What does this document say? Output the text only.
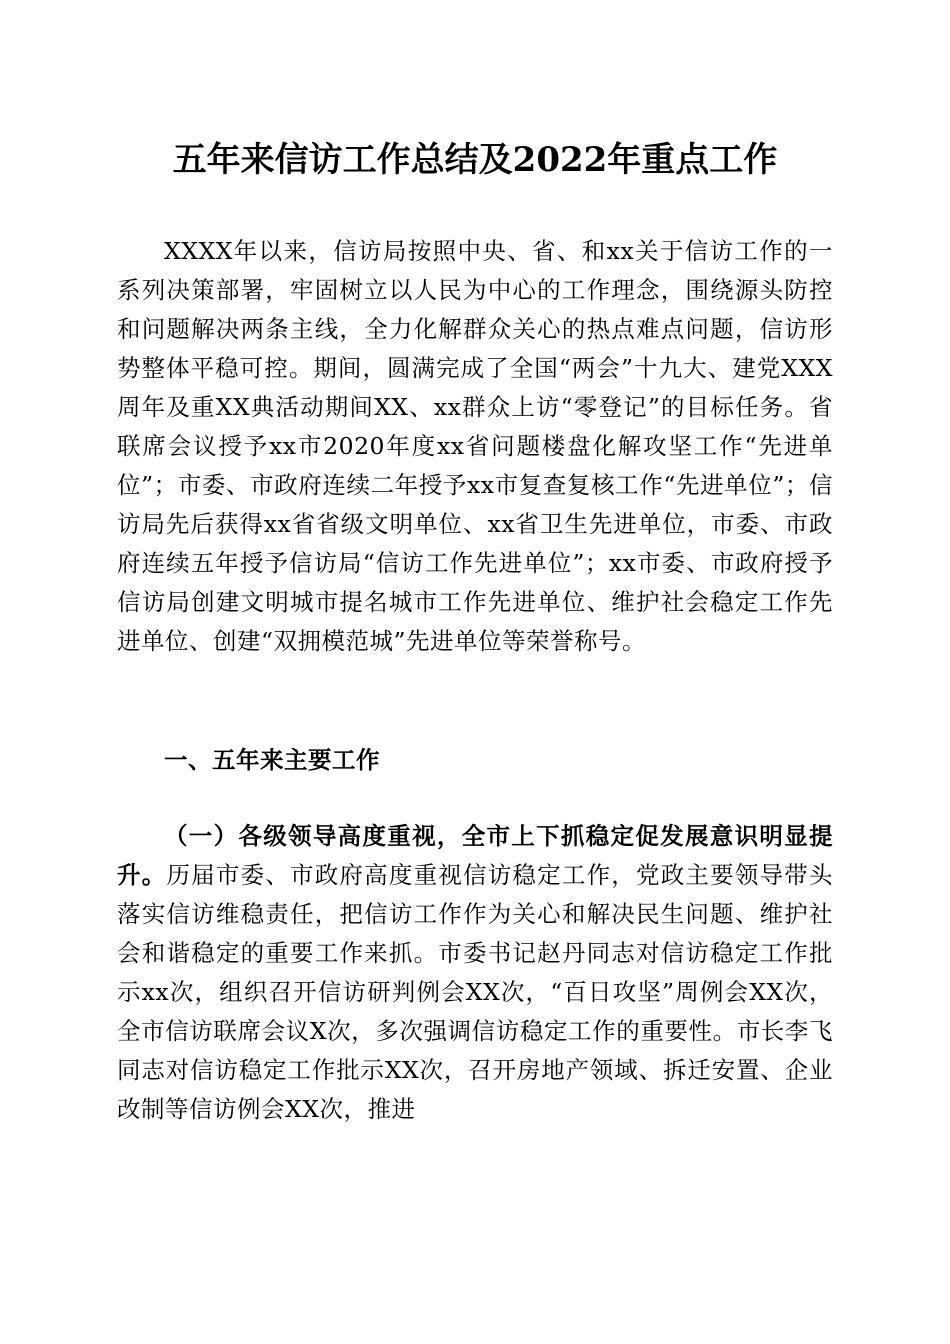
五年来信访工作总结及2022年重点工作

XXXX年以来，信访局按照中央、省、和xx关于信访工作的一系列决策部署，牢固树立以人民为中心的工作理念，围绕源头防控和问题解决两条主线，全力化解群众关心的热点难点问题，信访形势整体平稳可控。期间，圆满完成了全国“两会”十九大、建党XXX周年及重XX典活动期间XX、xx群众上访“零登记”的目标任务。省联席会议授予xx市2020年度xx省问题楼盘化解攻坚工作“先进单位”；市委、市政府连续二年授予xx市复查复核工作“先进单位”；信访局先后获得xx省省级文明单位、xx省卫生先进单位，市委、市政府连续五年授予信访局“信访工作先进单位”；xx市委、市政府授予信访局创建文明城市提名城市工作先进单位、维护社会稳定工作先进单位、创建“双拥模范城”先进单位等荣誉称号。

一、五年来主要工作

（一）各级领导高度重视，全市上下抓稳定促发展意识明显提升。历届市委、市政府高度重视信访稳定工作，党政主要领导带头落实信访维稳责任，把信访工作作为关心和解决民生问题、维护社会和谐稳定的重要工作来抓。市委书记赵丹同志对信访稳定工作批示xx次，组织召开信访研判例会XX次，“百日攻坚”周例会XX次，全市信访联席会议X次，多次强调信访稳定工作的重要性。市长李飞同志对信访稳定工作批示XX次，召开房地产领域、拆迁安置、企业改制等信访例会XX次，推进
